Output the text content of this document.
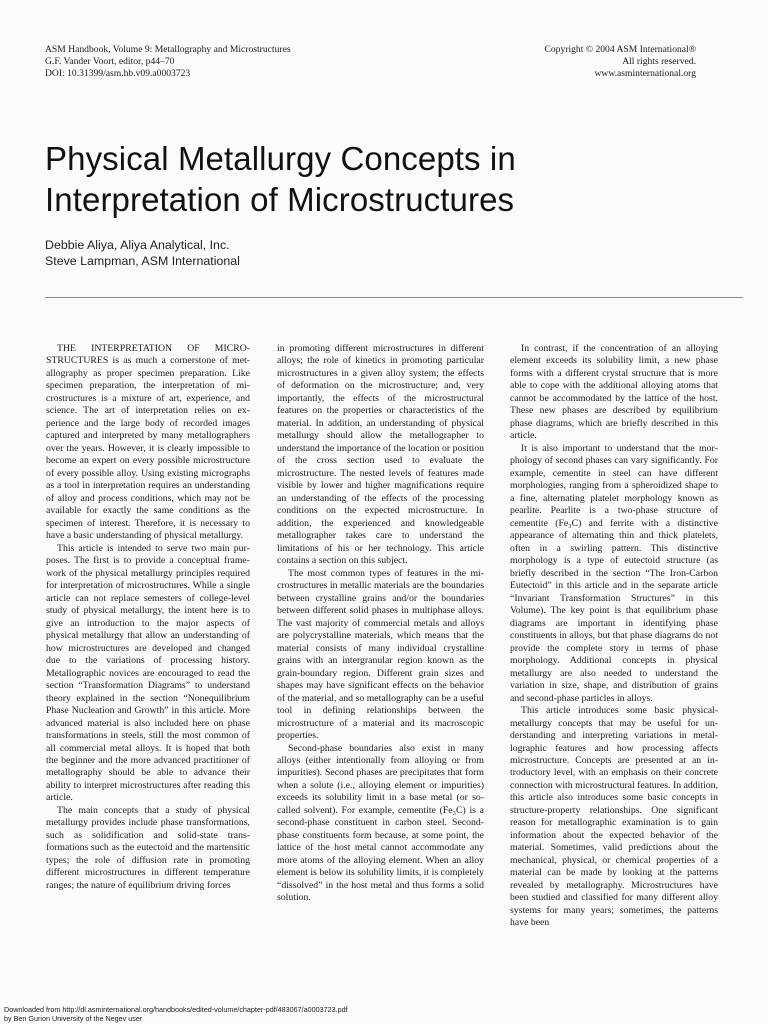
ASM Handbook, Volume 9: Metallography and Microstructures
G.F. Vander Voort, editor, p44–70
DOI: 10.31399/asm.hb.v09.a0003723
Copyright © 2004 ASM International®
All rights reserved.
www.asminternational.org
Physical Metallurgy Concepts in
Interpretation of Microstructures
Debbie Aliya, Aliya Analytical, Inc.
Steve Lampman, ASM International

THE INTERPRETATION OF MICROSTRUCTURES is as much a cornerstone of metallography as proper specimen preparation. Like specimen preparation, the interpretation of microstructures is a mixture of art, experience, and science. The art of interpretation relies on experience and the large body of recorded images captured and interpreted by many metallographers over the years. However, it is clearly impossible to become an expert on every possible microstructure of every possible alloy. Using existing micrographs as a tool in interpretation requires an understanding of alloy and process conditions, which may not be available for exactly the same conditions as the specimen of interest. Therefore, it is necessary to have a basic understanding of physical metallurgy.

This article is intended to serve two main purposes. The first is to provide a conceptual framework of the physical metallurgy principles required for interpretation of microstructures. While a single article can not replace semesters of college-level study of physical metallurgy, the intent here is to give an introduction to the major aspects of physical metallurgy that allow an understanding of how microstructures are developed and changed due to the variations of processing history. Metallographic novices are encouraged to read the section “Transformation Diagrams” to understand theory explained in the section “Nonequilibrium Phase Nucleation and Growth” in this article. More advanced material is also included here on phase transformations in steels, still the most common of all commercial metal alloys. It is hoped that both the beginner and the more advanced practitioner of metallography should be able to advance their ability to interpret microstructures after reading this article.

The main concepts that a study of physical metallurgy provides include phase transformations, such as solidification and solid-state transformations such as the eutectoid and the martensitic types; the role of diffusion rate in promoting different microstructures in different temperature ranges; the nature of equilibrium driving forces

in promoting different microstructures in different alloys; the role of kinetics in promoting particular microstructures in a given alloy system; the effects of deformation on the microstructure; and, very importantly, the effects of the microstructural features on the properties or characteristics of the material. In addition, an understanding of physical metallurgy should allow the metallographer to understand the importance of the location or position of the cross section used to evaluate the microstructure. The nested levels of features made visible by lower and higher magnifications require an understanding of the effects of the processing conditions on the expected microstructure. In addition, the experienced and knowledgeable metallographer takes care to understand the limitations of his or her technology. This article contains a section on this subject.

The most common types of features in the microstructures in metallic materials are the boundaries between crystalline grains and/or the boundaries between different solid phases in multiphase alloys. The vast majority of commercial metals and alloys are polycrystalline materials, which means that the material consists of many individual crystalline grains with an intergranular region known as the grain-boundary region. Different grain sizes and shapes may have significant effects on the behavior of the material, and so metallography can be a useful tool in defining relationships between the microstructure of a material and its macroscopic properties.

Second-phase boundaries also exist in many alloys (either intentionally from alloying or from impurities). Second phases are precipitates that form when a solute (i.e., alloying element or impurities) exceeds its solubility limit in a base metal (or so-called solvent). For example, cementite (Fe₃C) is a second-phase constituent in carbon steel. Second-phase constituents form because, at some point, the lattice of the host metal cannot accommodate any more atoms of the alloying element. When an alloy element is below its solubility limits, it is completely “dissolved” in the host metal and thus forms a solid solution.

In contrast, if the concentration of an alloying element exceeds its solubility limit, a new phase forms with a different crystal structure that is more able to cope with the additional alloying atoms that cannot be accommodated by the lattice of the host. These new phases are described by equilibrium phase diagrams, which are briefly described in this article.

It is also important to understand that the morphology of second phases can vary significantly. For example, cementite in steel can have different morphologies, ranging from a spheroidized shape to a fine, alternating platelet morphology known as pearlite. Pearlite is a two-phase structure of cementite (Fe₃C) and ferrite with a distinctive appearance of alternating thin and thick platelets, often in a swirling pattern. This distinctive morphology is a type of eutectoid structure (as briefly described in the section “The Iron-Carbon Eutectoid” in this article and in the separate article “Invariant Transformation Structures” in this Volume). The key point is that equilibrium phase diagrams are important in identifying phase constituents in alloys, but that phase diagrams do not provide the complete story in terms of phase morphology. Additional concepts in physical metallurgy are also needed to understand the variation in size, shape, and distribution of grains and second-phase particles in alloys.

This article introduces some basic physical-metallurgy concepts that may be useful for understanding and interpreting variations in metallographic features and how processing affects microstructure. Concepts are presented at an introductory level, with an emphasis on their concrete connection with microstructural features. In addition, this article also introduces some basic concepts in structure-property relationships. One significant reason for metallographic examination is to gain information about the expected behavior of the material. Sometimes, valid predictions about the mechanical, physical, or chemical properties of a material can be made by looking at the patterns revealed by metallography. Microstructures have been studied and classified for many different alloy systems for many years; sometimes, the patterns have been

Downloaded from http://dl.asminternational.org/handbooks/edited-volume/chapter-pdf/483067/a0003723.pdf
by Ben Gurion University of the Negev user
